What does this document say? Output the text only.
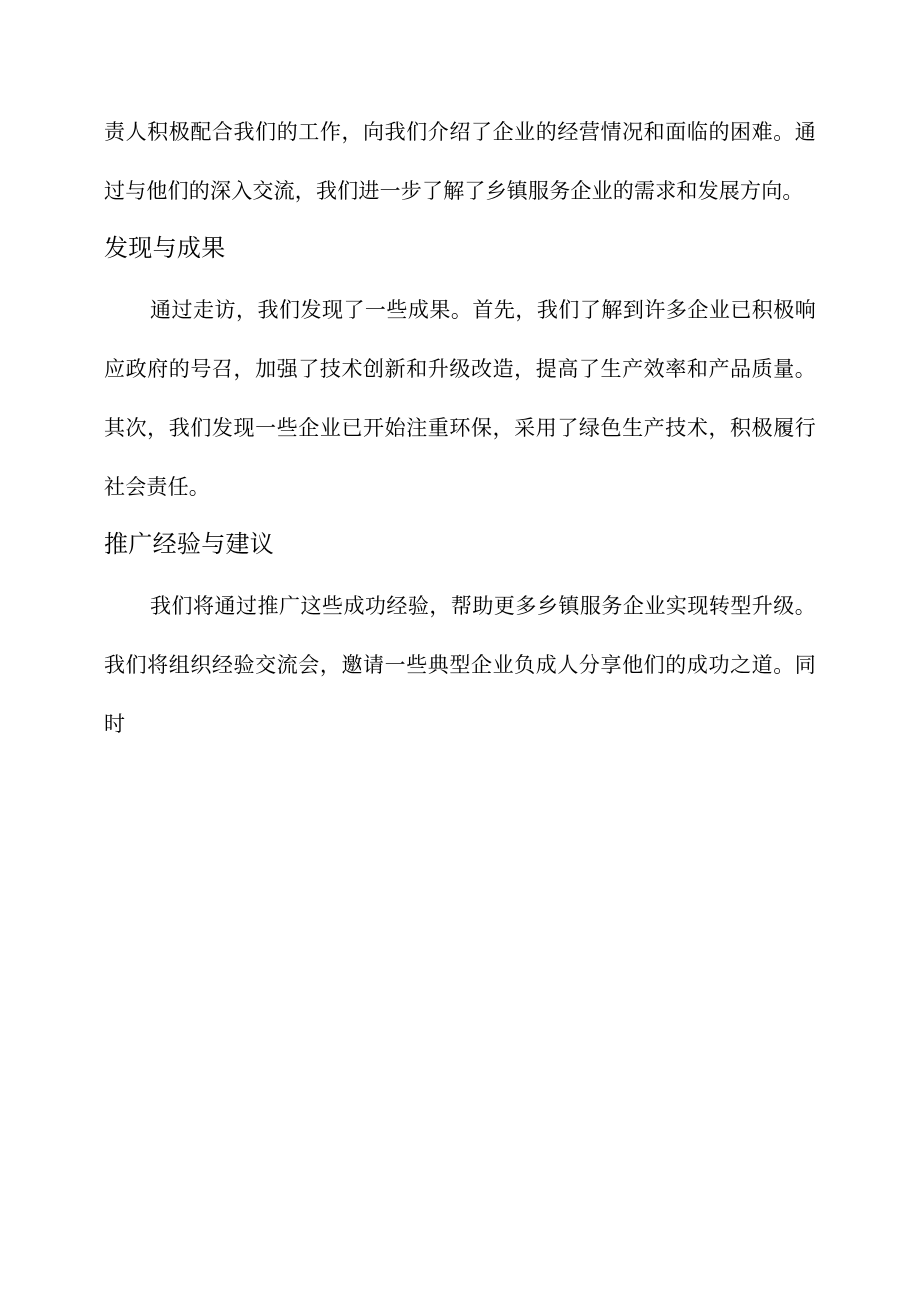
责人积极配合我们的工作，向我们介绍了企业的经营情况和面临的困难。通过与他们的深入交流，我们进一步了解了乡镇服务企业的需求和发展方向。

发现与成果

通过走访，我们发现了一些成果。首先，我们了解到许多企业已积极响应政府的号召，加强了技术创新和升级改造，提高了生产效率和产品质量。其次，我们发现一些企业已开始注重环保，采用了绿色生产技术，积极履行社会责任。

推广经验与建议

我们将通过推广这些成功经验，帮助更多乡镇服务企业实现转型升级。我们将组织经验交流会，邀请一些典型企业负成人分享他们的成功之道。同时
